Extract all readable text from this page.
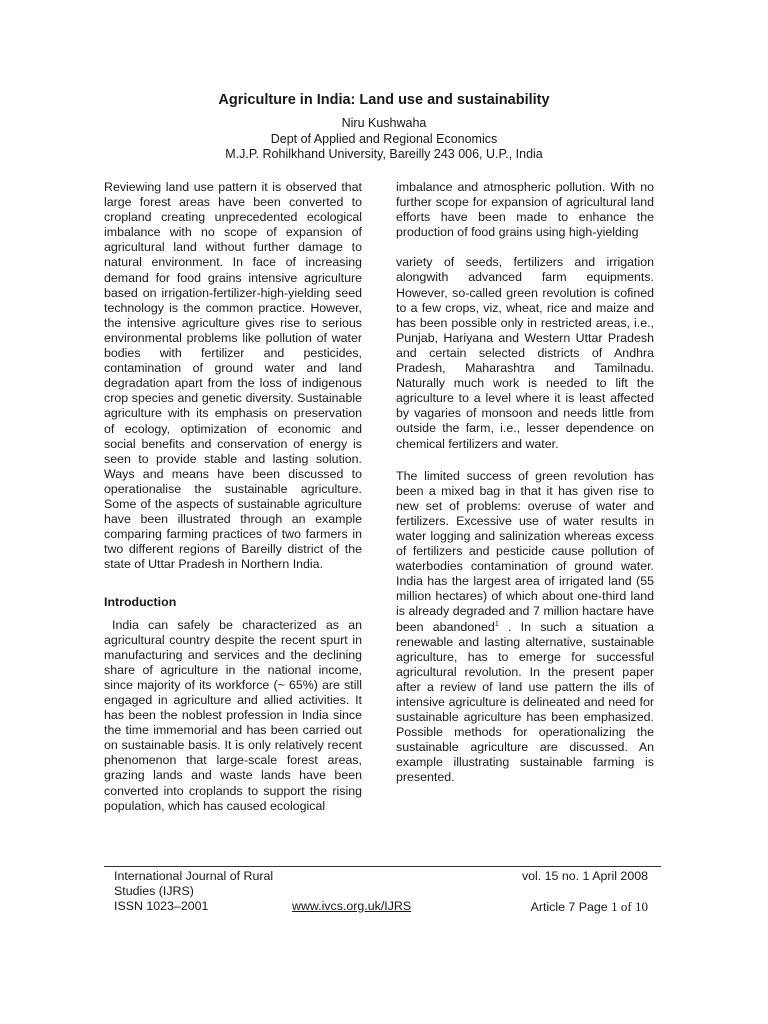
Agriculture in India: Land use and sustainability
Niru Kushwaha
Dept of Applied and Regional Economics
M.J.P. Rohilkhand University, Bareilly 243 006, U.P., India

Reviewing land use pattern it is observed that large forest areas have been converted to cropland creating unprecedented ecological imbalance with no scope of expansion of agricultural land without further damage to natural environment. In face of increasing demand for food grains intensive agriculture based on irrigation-fertilizer-high-yielding seed technology is the common practice. However, the intensive agriculture gives rise to serious environmental problems like pollution of water bodies with fertilizer and pesticides, contamination of ground water and land degradation apart from the loss of indigenous crop species and genetic diversity. Sustainable agriculture with its emphasis on preservation of ecology, optimization of economic and social benefits and conservation of energy is seen to provide stable and lasting solution. Ways and means have been discussed to operationalise the sustainable agriculture. Some of the aspects of sustainable agriculture have been illustrated through an example comparing farming practices of two farmers in two different regions of Bareilly district of the state of Uttar Pradesh in Northern India.

Introduction

India can safely be characterized as an agricultural country despite the recent spurt in manufacturing and services and the declining share of agriculture in the national income, since majority of its workforce (~ 65%) are still engaged in agriculture and allied activities. It has been the noblest profession in India since the time immemorial and has been carried out on sustainable basis. It is only relatively recent phenomenon that large-scale forest areas, grazing lands and waste lands have been converted into croplands to support the rising population, which has caused ecological

imbalance and atmospheric pollution. With no further scope for expansion of agricultural land efforts have been made to enhance the production of food grains using high-yielding

variety of seeds, fertilizers and irrigation alongwith advanced farm equipments. However, so-called green revolution is cofined to a few crops, viz, wheat, rice and maize and has been possible only in restricted areas, i.e., Punjab, Hariyana and Western Uttar Pradesh and certain selected districts of Andhra Pradesh, Maharashtra and Tamilnadu. Naturally much work is needed to lift the agriculture to a level where it is least affected by vagaries of monsoon and needs little from outside the farm, i.e., lesser dependence on chemical fertilizers and water.

The limited success of green revolution has been a mixed bag in that it has given rise to new set of problems: overuse of water and fertilizers. Excessive use of water results in water logging and salinization whereas excess of fertilizers and pesticide cause pollution of waterbodies contamination of ground water. India has the largest area of irrigated land (55 million hectares) of which about one-third land is already degraded and 7 million hactare have been abandoned$^1$ . In such a situation a renewable and lasting alternative, sustainable agriculture, has to emerge for successful agricultural revolution. In the present paper after a review of land use pattern the ills of intensive agriculture is delineated and need for sustainable agriculture has been emphasized. Possible methods for operationalizing the sustainable agriculture are discussed. An example illustrating sustainable farming is presented.

International Journal of Rural Studies (IJRS)
ISSN 1023–2001	www.ivcs.org.uk/IJRS
vol. 15 no. 1 April 2008
Article 7 Page 1 of 10
